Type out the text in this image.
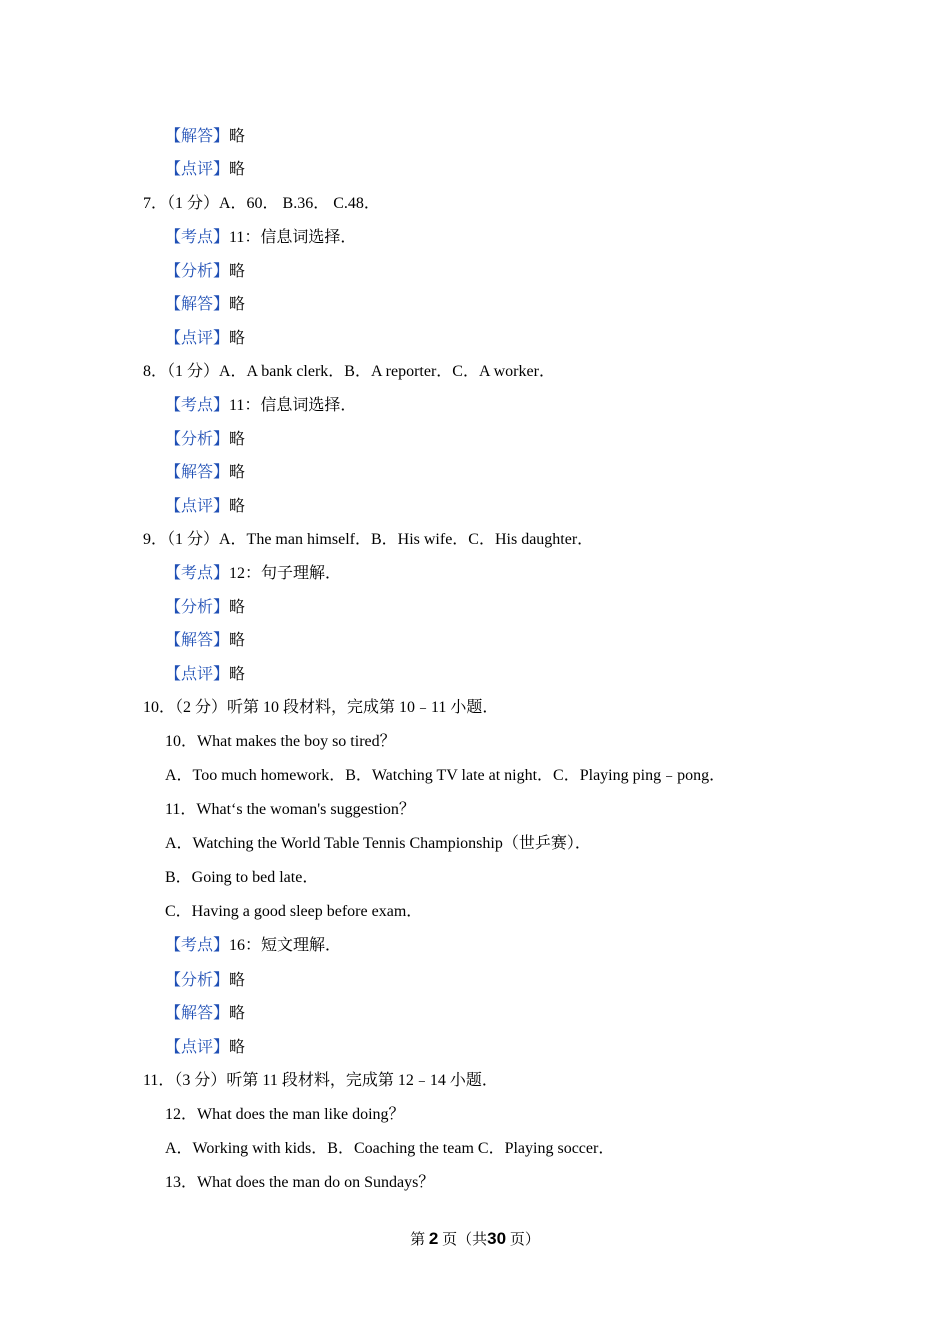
【解答】略
【点评】略
7．（1 分）A．60． B.36． C.48．
【考点】11：信息词选择．
【分析】略
【解答】略
【点评】略
8．（1 分）A．A bank clerk．B．A reporter．C．A worker．
【考点】11：信息词选择．
【分析】略
【解答】略
【点评】略
9．（1 分）A．The man himself．B．His wife．C．His daughter．
【考点】12：句子理解．
【分析】略
【解答】略
【点评】略
10．（2 分）听第 10 段材料，完成第 10﹣11 小题．
10．What makes the boy so tired？
A．Too much homework．B．Watching TV late at night．C．Playing ping﹣pong．
11．What‘s the woman's suggestion？
A．Watching the World Table Tennis Championship（世乒赛）．
B．Going to bed late．
C．Having a good sleep before exam．
【考点】16：短文理解．
【分析】略
【解答】略
【点评】略
11．（3 分）听第 11 段材料，完成第 12﹣14 小题．
12．What does the man like doing？
A．Working with kids．B．Coaching the team C．Playing soccer．
13．What does the man do on Sundays？
第 2 页（共30 页）
